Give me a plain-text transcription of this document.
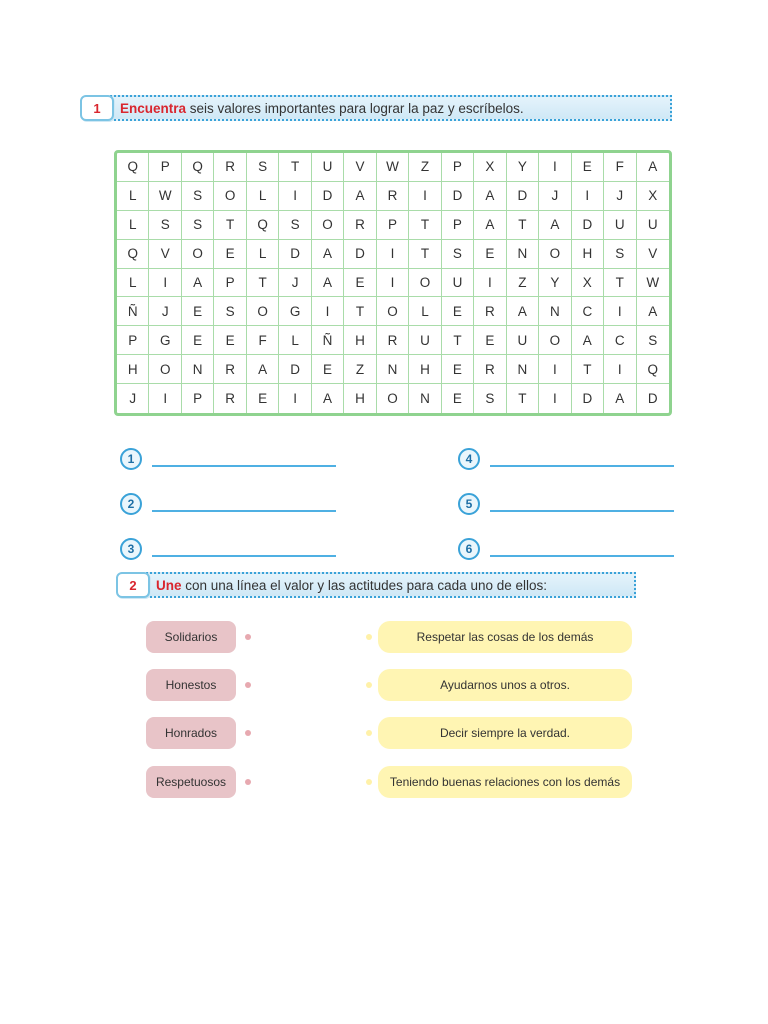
1	Encuentra seis valores importantes para lograr la paz y escríbelos.
Q	P	Q	R	S	T	U	V	W	Z	P	X	Y	I	E	F	A
L	W	S	O	L	I	D	A	R	I	D	A	D	J	I	J	X
L	S	S	T	Q	S	O	R	P	T	P	A	T	A	D	U	U
Q	V	O	E	L	D	A	D	I	T	S	E	N	O	H	S	V
L	I	A	P	T	J	A	E	I	O	U	I	Z	Y	X	T	W
Ñ	J	E	S	O	G	I	T	O	L	E	R	A	N	C	I	A
P	G	E	E	F	L	Ñ	H	R	U	T	E	U	O	A	C	S
H	O	N	R	A	D	E	Z	N	H	E	R	N	I	T	I	Q
J	I	P	R	E	I	A	H	O	N	E	S	T	I	D	A	D
1
2
3
4
5
6
2	Une con una línea el valor y las actitudes para cada uno de ellos:
Solidarios
Honestos
Honrados
Respetuosos
Respetar las cosas de los demás
Ayudarnos unos a otros.
Decir siempre la verdad.
Teniendo buenas relaciones con los demás
